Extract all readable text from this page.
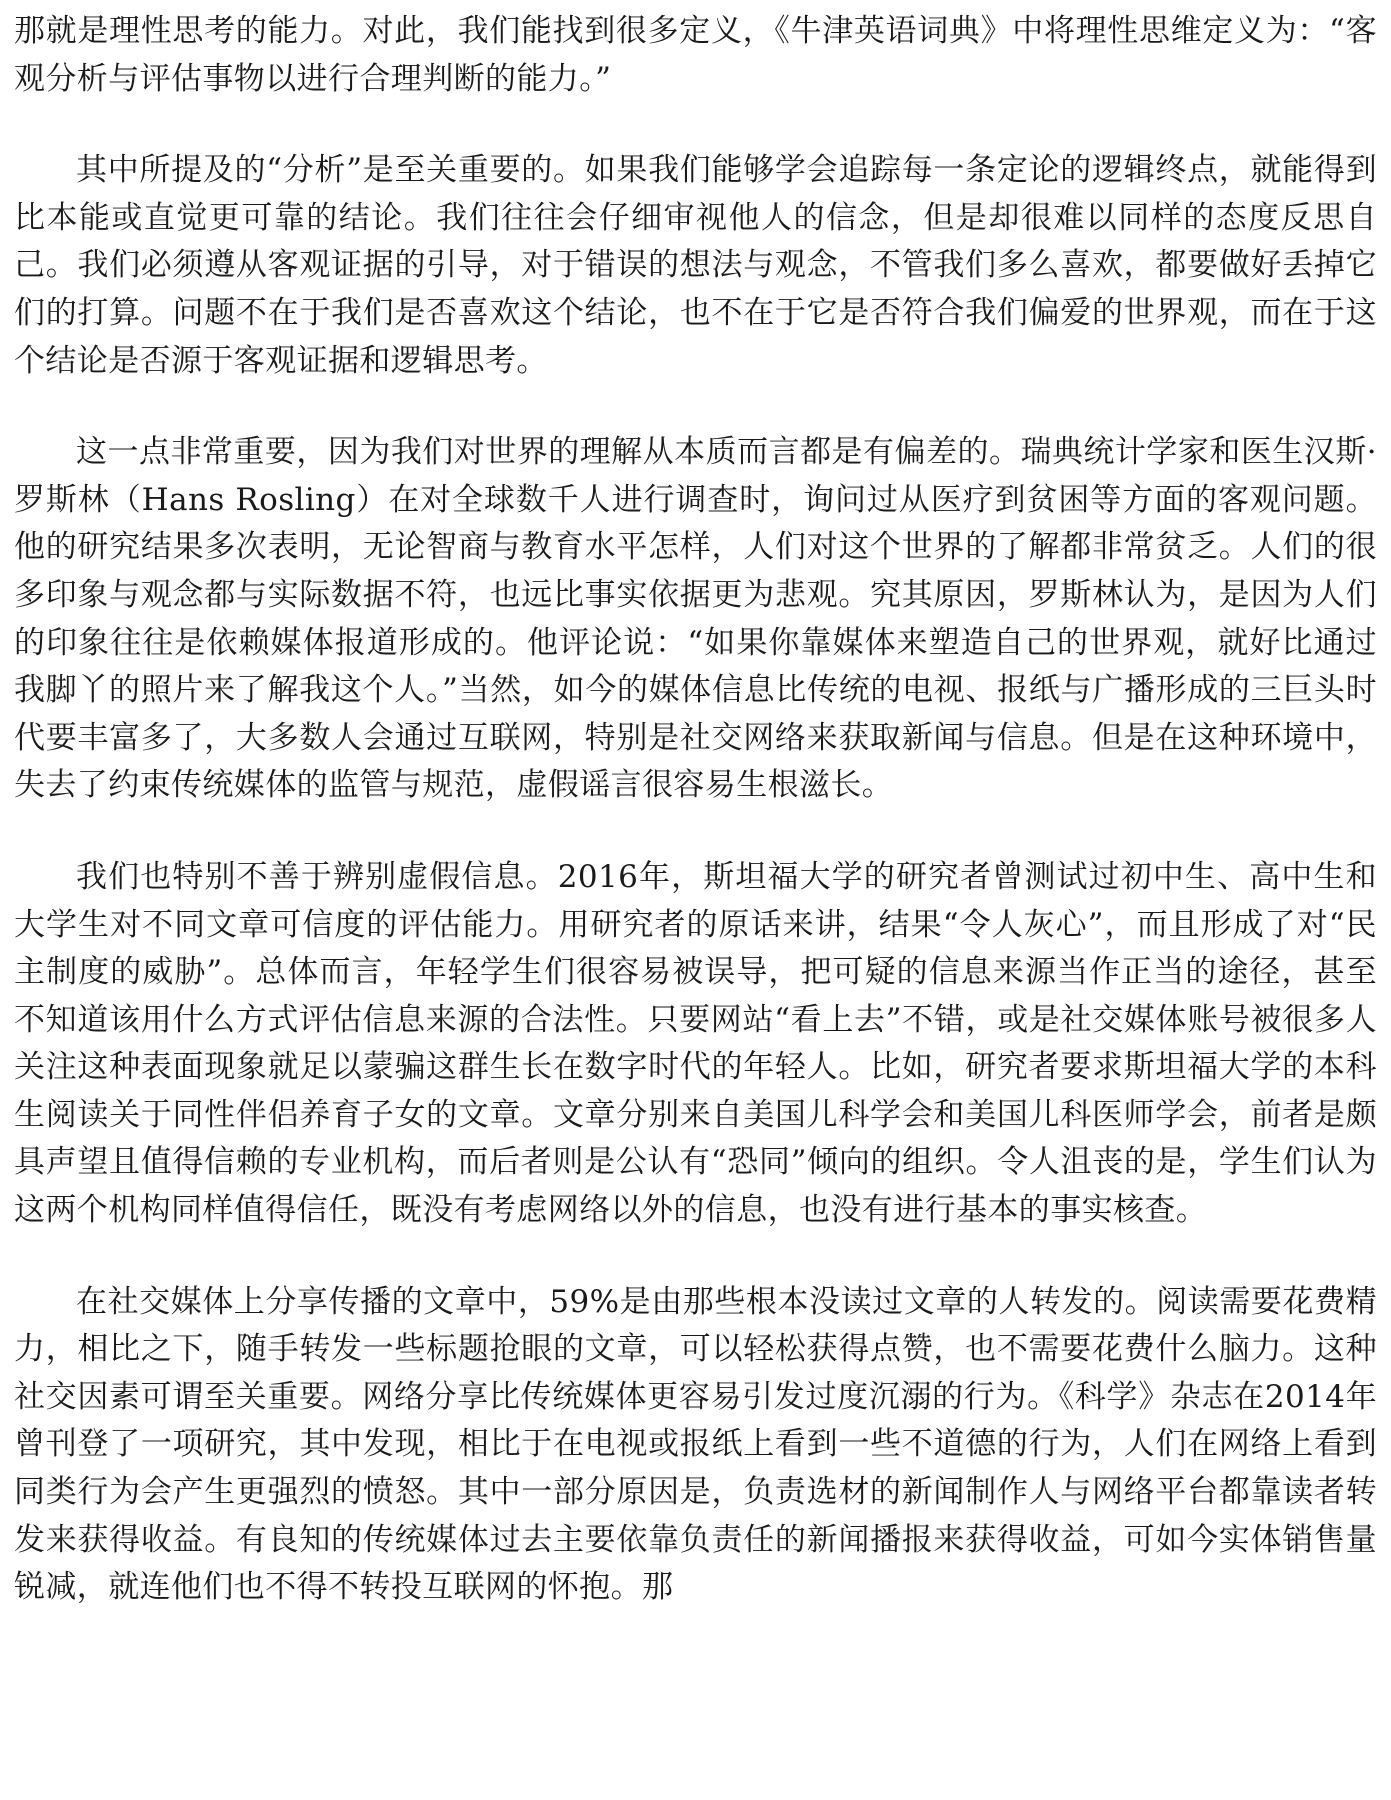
那就是理性思考的能力。对此，我们能找到很多定义，《牛津英语词典》中将理性思维定义为：“客观分析与评估事物以进行合理判断的能力。”

其中所提及的“分析”是至关重要的。如果我们能够学会追踪每一条定论的逻辑终点，就能得到比本能或直觉更可靠的结论。我们往往会仔细审视他人的信念，但是却很难以同样的态度反思自己。我们必须遵从客观证据的引导，对于错误的想法与观念，不管我们多么喜欢，都要做好丢掉它们的打算。问题不在于我们是否喜欢这个结论，也不在于它是否符合我们偏爱的世界观，而在于这个结论是否源于客观证据和逻辑思考。

这一点非常重要，因为我们对世界的理解从本质而言都是有偏差的。瑞典统计学家和医生汉斯·罗斯林（Hans Rosling）在对全球数千人进行调查时，询问过从医疗到贫困等方面的客观问题。他的研究结果多次表明，无论智商与教育水平怎样，人们对这个世界的了解都非常贫乏。人们的很多印象与观念都与实际数据不符，也远比事实依据更为悲观。究其原因，罗斯林认为，是因为人们的印象往往是依赖媒体报道形成的。他评论说：“如果你靠媒体来塑造自己的世界观，就好比通过我脚丫的照片来了解我这个人。”当然，如今的媒体信息比传统的电视、报纸与广播形成的三巨头时代要丰富多了，大多数人会通过互联网，特别是社交网络来获取新闻与信息。但是在这种环境中，失去了约束传统媒体的监管与规范，虚假谣言很容易生根滋长。

我们也特别不善于辨别虚假信息。2016年，斯坦福大学的研究者曾测试过初中生、高中生和大学生对不同文章可信度的评估能力。用研究者的原话来讲，结果“令人灰心”，而且形成了对“民主制度的威胁”。总体而言，年轻学生们很容易被误导，把可疑的信息来源当作正当的途径，甚至不知道该用什么方式评估信息来源的合法性。只要网站“看上去”不错，或是社交媒体账号被很多人关注这种表面现象就足以蒙骗这群生长在数字时代的年轻人。比如，研究者要求斯坦福大学的本科生阅读关于同性伴侣养育子女的文章。文章分别来自美国儿科学会和美国儿科医师学会，前者是颇具声望且值得信赖的专业机构，而后者则是公认有“恐同”倾向的组织。令人沮丧的是，学生们认为这两个机构同样值得信任，既没有考虑网络以外的信息，也没有进行基本的事实核查。

在社交媒体上分享传播的文章中，59%是由那些根本没读过文章的人转发的。阅读需要花费精力，相比之下，随手转发一些标题抢眼的文章，可以轻松获得点赞，也不需要花费什么脑力。这种社交因素可谓至关重要。网络分享比传统媒体更容易引发过度沉溺的行为。《科学》杂志在2014年曾刊登了一项研究，其中发现，相比于在电视或报纸上看到一些不道德的行为，人们在网络上看到同类行为会产生更强烈的愤怒。其中一部分原因是，负责选材的新闻制作人与网络平台都靠读者转发来获得收益。有良知的传统媒体过去主要依靠负责任的新闻播报来获得收益，可如今实体销售量锐减，就连他们也不得不转投互联网的怀抱。那
